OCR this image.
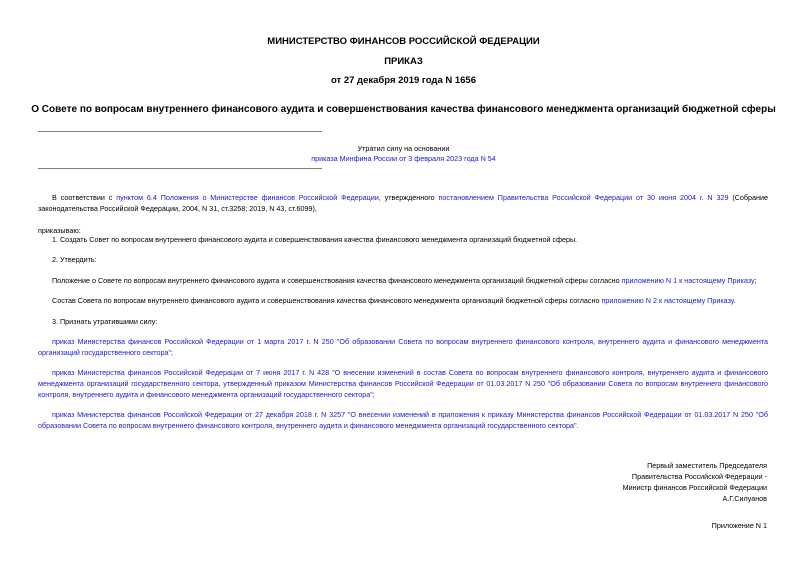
МИНИСТЕРСТВО ФИНАНСОВ РОССИЙСКОЙ ФЕДЕРАЦИИ
ПРИКАЗ
от 27 декабря 2019 года N 1656
О Совете по вопросам внутреннего финансового аудита и совершенствования качества финансового менеджмента организаций бюджетной сферы
Утратил силу на основании
приказа Минфина России от 3 февраля 2023 года N 54
В соответствии с пунктом 6.4 Положения о Министерстве финансов Российской Федерации, утвержденного постановлением Правительства Российской Федерации от 30 июня 2004 г. N 329 (Собрание законодательства Российской Федерации, 2004, N 31, ст.3258; 2019, N 43, ст.6099),
приказываю:
1. Создать Совет по вопросам внутреннего финансового аудита и совершенствования качества финансового менеджмента организаций бюджетной сферы.
2. Утвердить:
Положение о Совете по вопросам внутреннего финансового аудита и совершенствования качества финансового менеджмента организаций бюджетной сферы согласно приложению N 1 к настоящему Приказу;
Состав Совета по вопросам внутреннего финансового аудита и совершенствования качества финансового менеджмента организаций бюджетной сферы согласно приложению N 2 к настоящему Приказу.
3. Признать утратившими силу:
приказ Министерства финансов Российской Федерации от 1 марта 2017 г. N 250 "Об образовании Совета по вопросам внутреннего финансового контроля, внутреннего аудита и финансового менеджмента организаций государственного сектора";
приказ Министерства финансов Российской Федерации от 7 июня 2017 г. N 428 "О внесении изменений в состав Совета по вопросам внутреннего финансового контроля, внутреннего аудита и финансового менеджмента организаций государственного сектора, утвержденный приказом Министерства финансов Российской Федерации от 01.03.2017 N 250 "Об образовании Совета по вопросам внутреннего финансового контроля, внутреннего аудита и финансового менеджмента организаций государственного сектора";
приказ Министерства финансов Российской Федерации от 27 декабря 2018 г. N 3257 "О внесении изменений в приложения к приказу Министерства финансов Российской Федерации от 01.03.2017 N 250 "Об образовании Совета по вопросам внутреннего финансового контроля, внутреннего аудита и финансового менеджмента организаций государственного сектора".
Первый заместитель Председателя
Правительства Российской Федерации -
Министр финансов Российской Федерации
А.Г.Силуанов
Приложение N 1
